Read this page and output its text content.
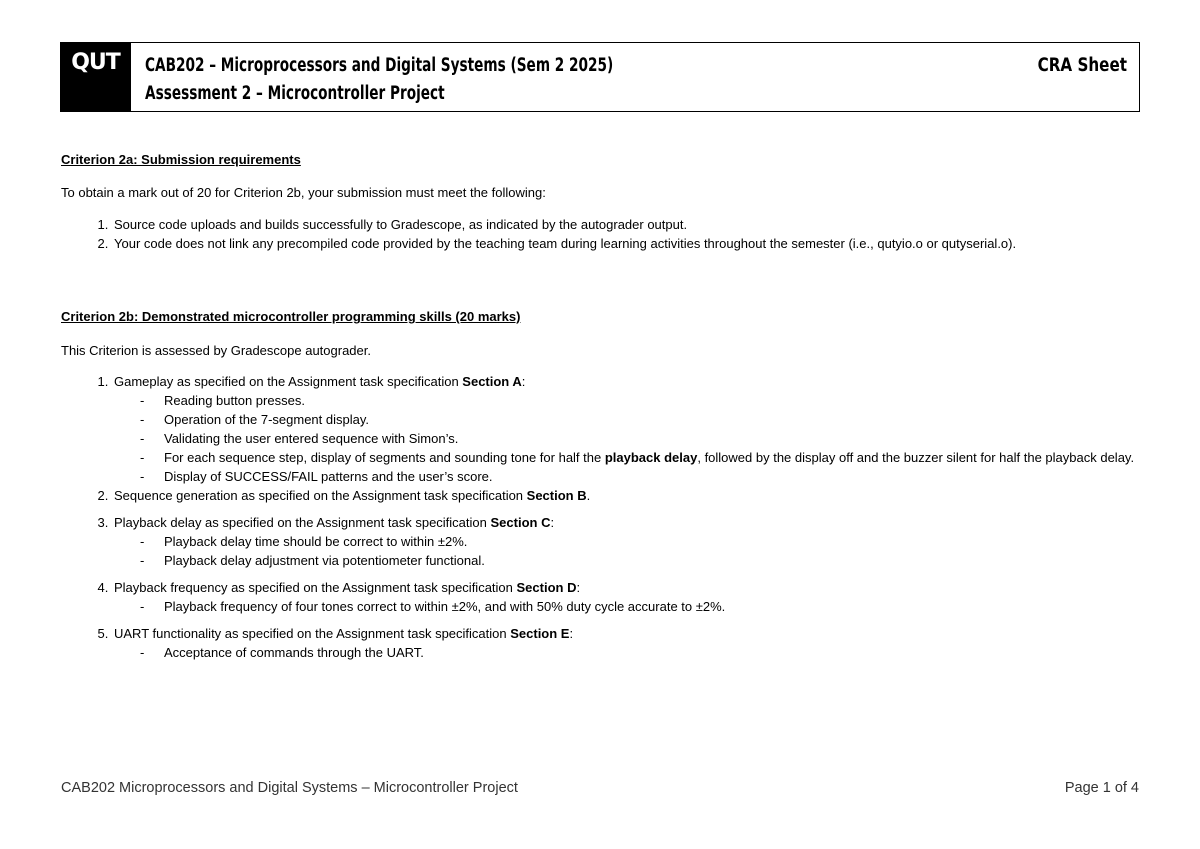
QUT	CAB202 – Microprocessors and Digital Systems (Sem 2 2025)
Assessment 2 – Microcontroller Project
CRA Sheet

Criterion 2a: Submission requirements

To obtain a mark out of 20 for Criterion 2b, your submission must meet the following:

1. Source code uploads and builds successfully to Gradescope, as indicated by the autograder output.
2. Your code does not link any precompiled code provided by the teaching team during learning activities throughout the semester (i.e., qutyio.o or qutyserial.o).

Criterion 2b: Demonstrated microcontroller programming skills (20 marks)

This Criterion is assessed by Gradescope autograder.

1. Gameplay as specified on the Assignment task specification Section A:
- Reading button presses.
- Operation of the 7-segment display.
- Validating the user entered sequence with Simon’s.
- For each sequence step, display of segments and sounding tone for half the playback delay, followed by the display off and the buzzer silent for half the playback delay.
- Display of SUCCESS/FAIL patterns and the user’s score.
2. Sequence generation as specified on the Assignment task specification Section B.
3. Playback delay as specified on the Assignment task specification Section C:
- Playback delay time should be correct to within ±2%.
- Playback delay adjustment via potentiometer functional.
4. Playback frequency as specified on the Assignment task specification Section D:
- Playback frequency of four tones correct to within ±2%, and with 50% duty cycle accurate to ±2%.
5. UART functionality as specified on the Assignment task specification Section E:
- Acceptance of commands through the UART.
CAB202 Microprocessors and Digital Systems – Microcontroller Project	Page 1 of 4
